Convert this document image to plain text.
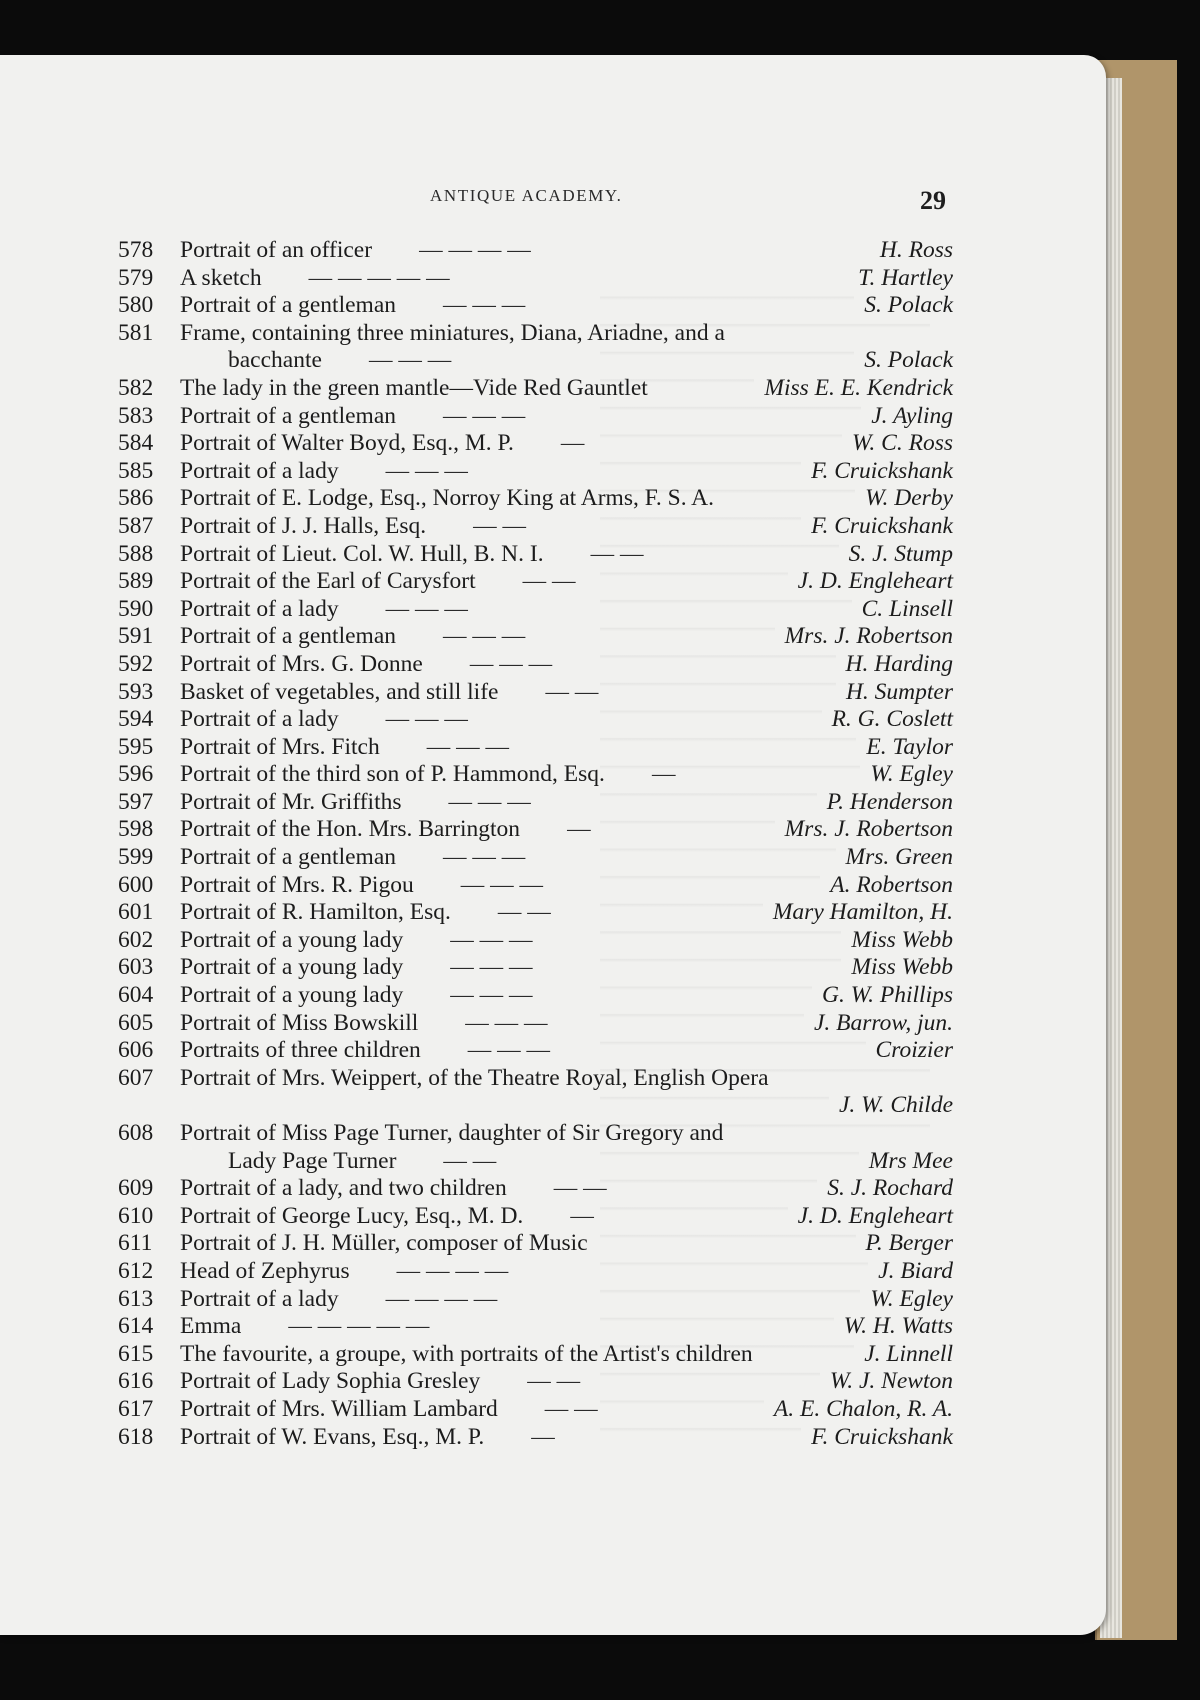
ANTIQUE ACADEMY.	29
578	Portrait of an officer   — — — —	H. Ross
579	A sketch   — — — — —	T. Hartley
580	Portrait of a gentleman   — — —	S. Polack
581	Frame, containing three miniatures, Diana, Ariadne, and a  
bacchante   — — —	S. Polack
582	The lady in the green mantle—Vide Red Gauntlet  	Miss E. E. Kendrick
583	Portrait of a gentleman   — — —	J. Ayling
584	Portrait of Walter Boyd, Esq., M. P.   —	W. C. Ross
585	Portrait of a lady   — — —	F. Cruickshank
586	Portrait of E. Lodge, Esq., Norroy King at Arms, F. S. A.  	W. Derby
587	Portrait of J. J. Halls, Esq.   — —	F. Cruickshank
588	Portrait of Lieut. Col. W. Hull, B. N. I.   — —	S. J. Stump
589	Portrait of the Earl of Carysfort   — —	J. D. Engleheart
590	Portrait of a lady   — — —	C. Linsell
591	Portrait of a gentleman   — — —	Mrs. J. Robertson
592	Portrait of Mrs. G. Donne   — — —	H. Harding
593	Basket of vegetables, and still life   — —	H. Sumpter
594	Portrait of a lady   — — —	R. G. Coslett
595	Portrait of Mrs. Fitch   — — —	E. Taylor
596	Portrait of the third son of P. Hammond, Esq.   —	W. Egley
597	Portrait of Mr. Griffiths   — — —	P. Henderson
598	Portrait of the Hon. Mrs. Barrington   —	Mrs. J. Robertson
599	Portrait of a gentleman   — — —	Mrs. Green
600	Portrait of Mrs. R. Pigou   — — —	A. Robertson
601	Portrait of R. Hamilton, Esq.   — —	Mary Hamilton, H.
602	Portrait of a young lady   — — —	Miss Webb
603	Portrait of a young lady   — — —	Miss Webb
604	Portrait of a young lady   — — —	G. W. Phillips
605	Portrait of Miss Bowskill   — — —	J. Barrow, jun.
606	Portraits of three children   — — —	Croizier
607	Portrait of Mrs. Weippert, of the Theatre Royal, English Opera  

J. W. Childe
608	Portrait of Miss Page Turner, daughter of Sir Gregory and  
Lady Page Turner   — —	Mrs Mee
609	Portrait of a lady, and two children   — —	S. J. Rochard
610	Portrait of George Lucy, Esq., M. D.   —	J. D. Engleheart
611	Portrait of J. H. Müller, composer of Music  	P. Berger
612	Head of Zephyrus   — — — —	J. Biard
613	Portrait of a lady   — — — —	W. Egley
614	Emma   — — — — —	W. H. Watts
615	The favourite, a groupe, with portraits of the Artist's children  	J. Linnell
616	Portrait of Lady Sophia Gresley   — —	W. J. Newton
617	Portrait of Mrs. William Lambard   — —	A. E. Chalon, R. A.
618	Portrait of W. Evans, Esq., M. P.   —	F. Cruickshank
